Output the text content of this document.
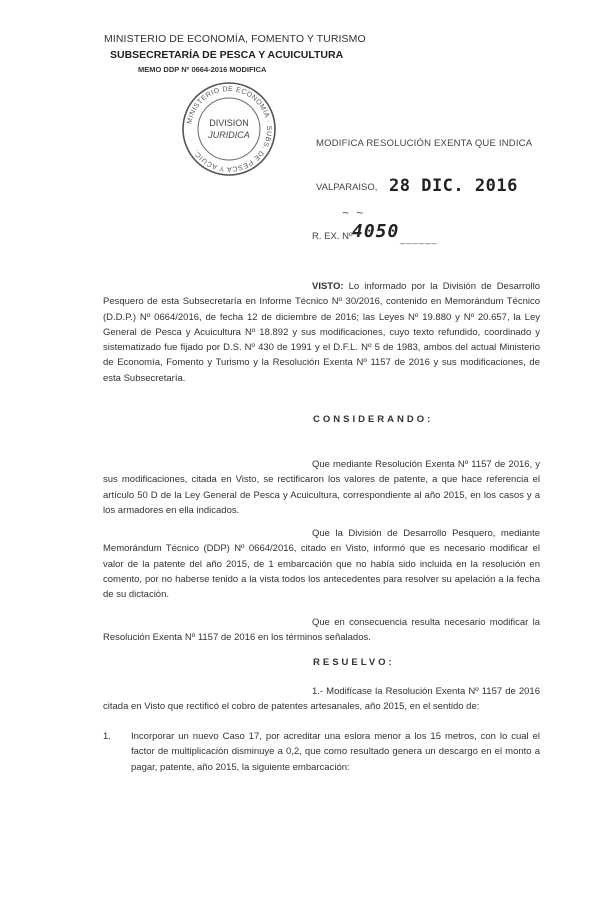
MINISTERIO DE ECONOMÍA, FOMENTO Y TURISMO
SUBSECRETARÍA DE PESCA Y ACUICULTURA
MEMO DDP Nº 0664-2016 MODIFICA
MINISTERIO DE ECONOMÍA · SUBS. DE PESCA Y ACUIC.
DIVISION
JURIDICA
MODIFICA RESOLUCIÓN EXENTA QUE INDICA
VALPARAISO, 28 DIC. 2016
~ ~
R. EX. Nº 4050 ______

VISTO: Lo informado por la División de Desarrollo Pesquero de esta Subsecretaría en Informe Técnico Nº 30/2016, contenido en Memorándum Técnico (D.D.P.) Nº 0664/2016, de fecha 12 de diciembre de 2016; las Leyes Nº 19.880 y Nº 20.657, la Ley General de Pesca y Acuicultura Nº 18.892 y sus modificaciones, cuyo texto refundido, coordinado y sistematizado fue fijado por D.S. Nº 430 de 1991 y el D.F.L. Nº 5 de 1983, ambos del actual Ministerio de Economía, Fomento y Turismo y la Resolución Exenta Nº 1157 de 2016 y sus modificaciones, de esta Subsecretaría.

CONSIDERANDO:

Que mediante Resolución Exenta Nº 1157 de 2016, y sus modificaciones, citada en Visto, se rectificaron los valores de patente, a que hace referencia el artículo 50 D de la Ley General de Pesca y Acuicultura, correspondiente al año 2015, en los casos y a los armadores en ella indicados.

Que la División de Desarrollo Pesquero, mediante Memorándum Técnico (DDP) Nº 0664/2016, citado en Visto, informó que es necesario modificar el valor de la patente del año 2015, de 1 embarcación que no había sido incluida en la resolución en comento, por no haberse tenido a la vista todos los antecedentes para resolver su apelación a la fecha de su dictación.

Que en consecuencia resulta necesario modificar la Resolución Exenta Nº 1157 de 2016 en los términos señalados.

RESUELVO:

1.- Modifícase la Resolución Exenta Nº 1157 de 2016 citada en Visto que rectificó el cobro de patentes artesanales, año 2015, en el sentido de:

1.	Incorporar un nuevo Caso 17, por acreditar una eslora menor a los 15 metros, con lo cual el factor de multiplicación disminuye a 0,2, que como resultado genera un descargo en el monto a pagar, patente, año 2015, la siguiente embarcación:
